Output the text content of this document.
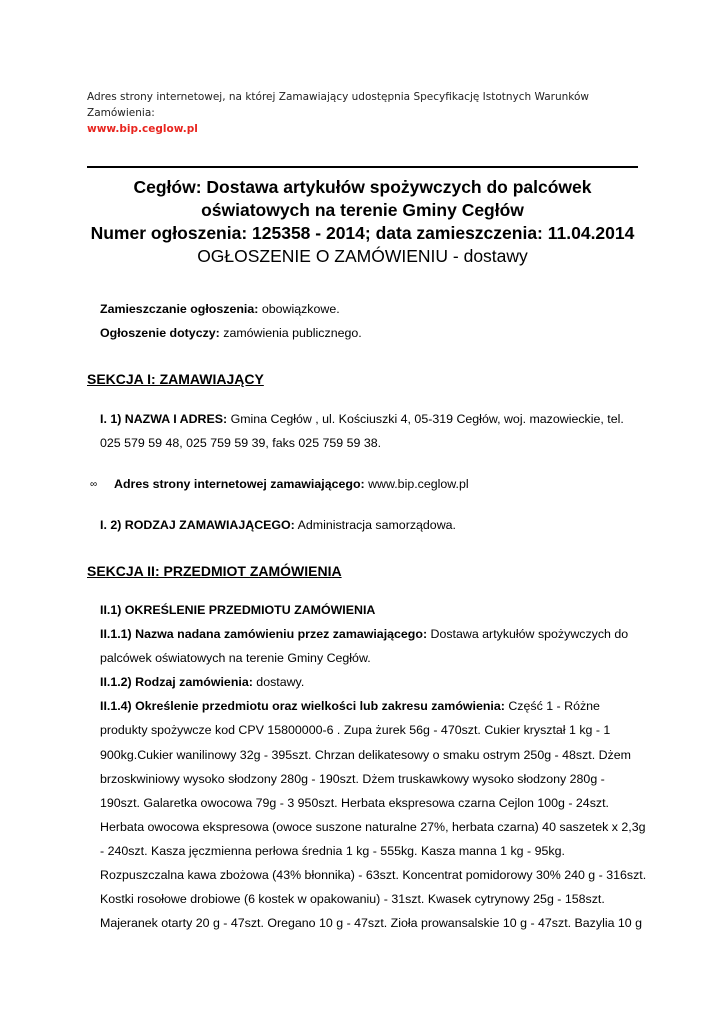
Adres strony internetowej, na której Zamawiający udostępnia Specyfikację Istotnych Warunków
Zamówienia:
www.bip.ceglow.pl
Cegłów: Dostawa artykułów spożywczych do palcówek
oświatowych na terenie Gminy Cegłów
Numer ogłoszenia: 125358 - 2014; data zamieszczenia: 11.04.2014
OGŁOSZENIE O ZAMÓWIENIU - dostawy
Zamieszczanie ogłoszenia: obowiązkowe.
Ogłoszenie dotyczy: zamówienia publicznego.
SEKCJA I: ZAMAWIAJĄCY
I. 1) NAZWA I ADRES: Gmina Cegłów , ul. Kościuszki 4, 05-319 Cegłów, woj. mazowieckie, tel.
025 579 59 48, 025 759 59 39, faks 025 759 59 38.
∞ Adres strony internetowej zamawiającego: www.bip.ceglow.pl
I. 2) RODZAJ ZAMAWIAJĄCEGO: Administracja samorządowa.
SEKCJA II: PRZEDMIOT ZAMÓWIENIA
II.1) OKREŚLENIE PRZEDMIOTU ZAMÓWIENIA
II.1.1) Nazwa nadana zamówieniu przez zamawiającego: Dostawa artykułów spożywczych do
palcówek oświatowych na terenie Gminy Cegłów.
II.1.2) Rodzaj zamówienia: dostawy.
II.1.4) Określenie przedmiotu oraz wielkości lub zakresu zamówienia: Część 1 - Różne
produkty spożywcze kod CPV 15800000-6 . Zupa żurek 56g - 470szt. Cukier kryształ 1 kg - 1
900kg.Cukier wanilinowy 32g - 395szt. Chrzan delikatesowy o smaku ostrym 250g - 48szt. Dżem
brzoskwiniowy wysoko słodzony 280g - 190szt. Dżem truskawkowy wysoko słodzony 280g -
190szt. Galaretka owocowa 79g - 3 950szt. Herbata ekspresowa czarna Cejlon 100g - 24szt.
Herbata owocowa ekspresowa (owoce suszone naturalne 27%, herbata czarna) 40 saszetek x 2,3g
- 240szt. Kasza jęczmienna perłowa średnia 1 kg - 555kg. Kasza manna 1 kg - 95kg.
Rozpuszczalna kawa zbożowa (43% błonnika) - 63szt. Koncentrat pomidorowy 30% 240 g - 316szt.
Kostki rosołowe drobiowe (6 kostek w opakowaniu) - 31szt. Kwasek cytrynowy 25g - 158szt.
Majeranek otarty 20 g - 47szt. Oregano 10 g - 47szt. Zioła prowansalskie 10 g - 47szt. Bazylia 10 g
